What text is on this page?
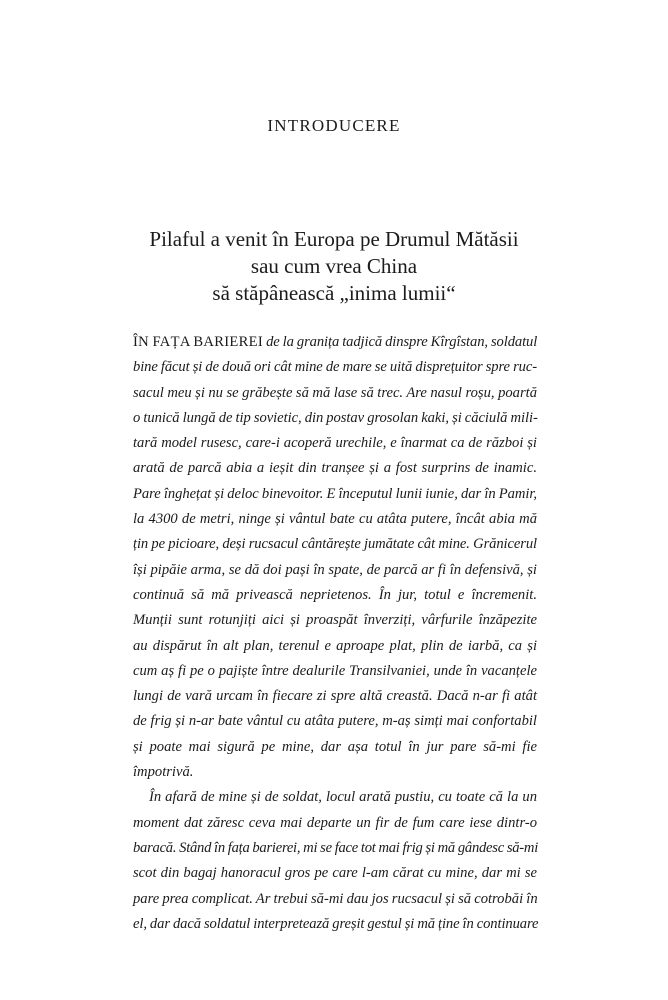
INTRODUCERE
Pilaful a venit în Europa pe Drumul Mătăsii
sau cum vrea China
să stăpânească „inima lumii“

ÎN FAȚA BARIEREI de la granița tadjică dinspre Kîrgîstan, soldatul
bine făcut și de două ori cât mine de mare se uită disprețuitor spre ruc-
sacul meu și nu se grăbește să mă lase să trec. Are nasul roșu, poartă
o tunică lungă de tip sovietic, din postav grosolan kaki, și căciulă mili-
tară model rusesc, care-i acoperă urechile, e înarmat ca de război și
arată de parcă abia a ieșit din tranșee și a fost surprins de inamic.
Pare înghețat și deloc binevoitor. E începutul lunii iunie, dar în Pamir,
la 4300 de metri, ninge și vântul bate cu atâta putere, încât abia mă
țin pe picioare, deși rucsacul cântărește jumătate cât mine. Grănicerul
își pipăie arma, se dă doi pași în spate, de parcă ar fi în defensivă, și
continuă să mă privească neprietenos. În jur, totul e încremenit.
Munții sunt rotunjiți aici și proaspăt înverziți, vârfurile înzăpezite
au dispărut în alt plan, terenul e aproape plat, plin de iarbă, ca și
cum aș fi pe o pajiște între dealurile Transilvaniei, unde în vacanțele
lungi de vară urcam în fiecare zi spre altă creastă. Dacă n-ar fi atât
de frig și n-ar bate vântul cu atâta putere, m-aș simți mai confortabil
și poate mai sigură pe mine, dar așa totul în jur pare să-mi fie
împotrivă.

În afară de mine și de soldat, locul arată pustiu, cu toate că la un
moment dat zăresc ceva mai departe un fir de fum care iese dintr-o
baracă. Stând în fața barierei, mi se face tot mai frig și mă gândesc să-mi
scot din bagaj hanoracul gros pe care l-am cărat cu mine, dar mi se
pare prea complicat. Ar trebui să-mi dau jos rucsacul și să cotrobăi în
el, dar dacă soldatul interpretează greșit gestul și mă ține în continuare
